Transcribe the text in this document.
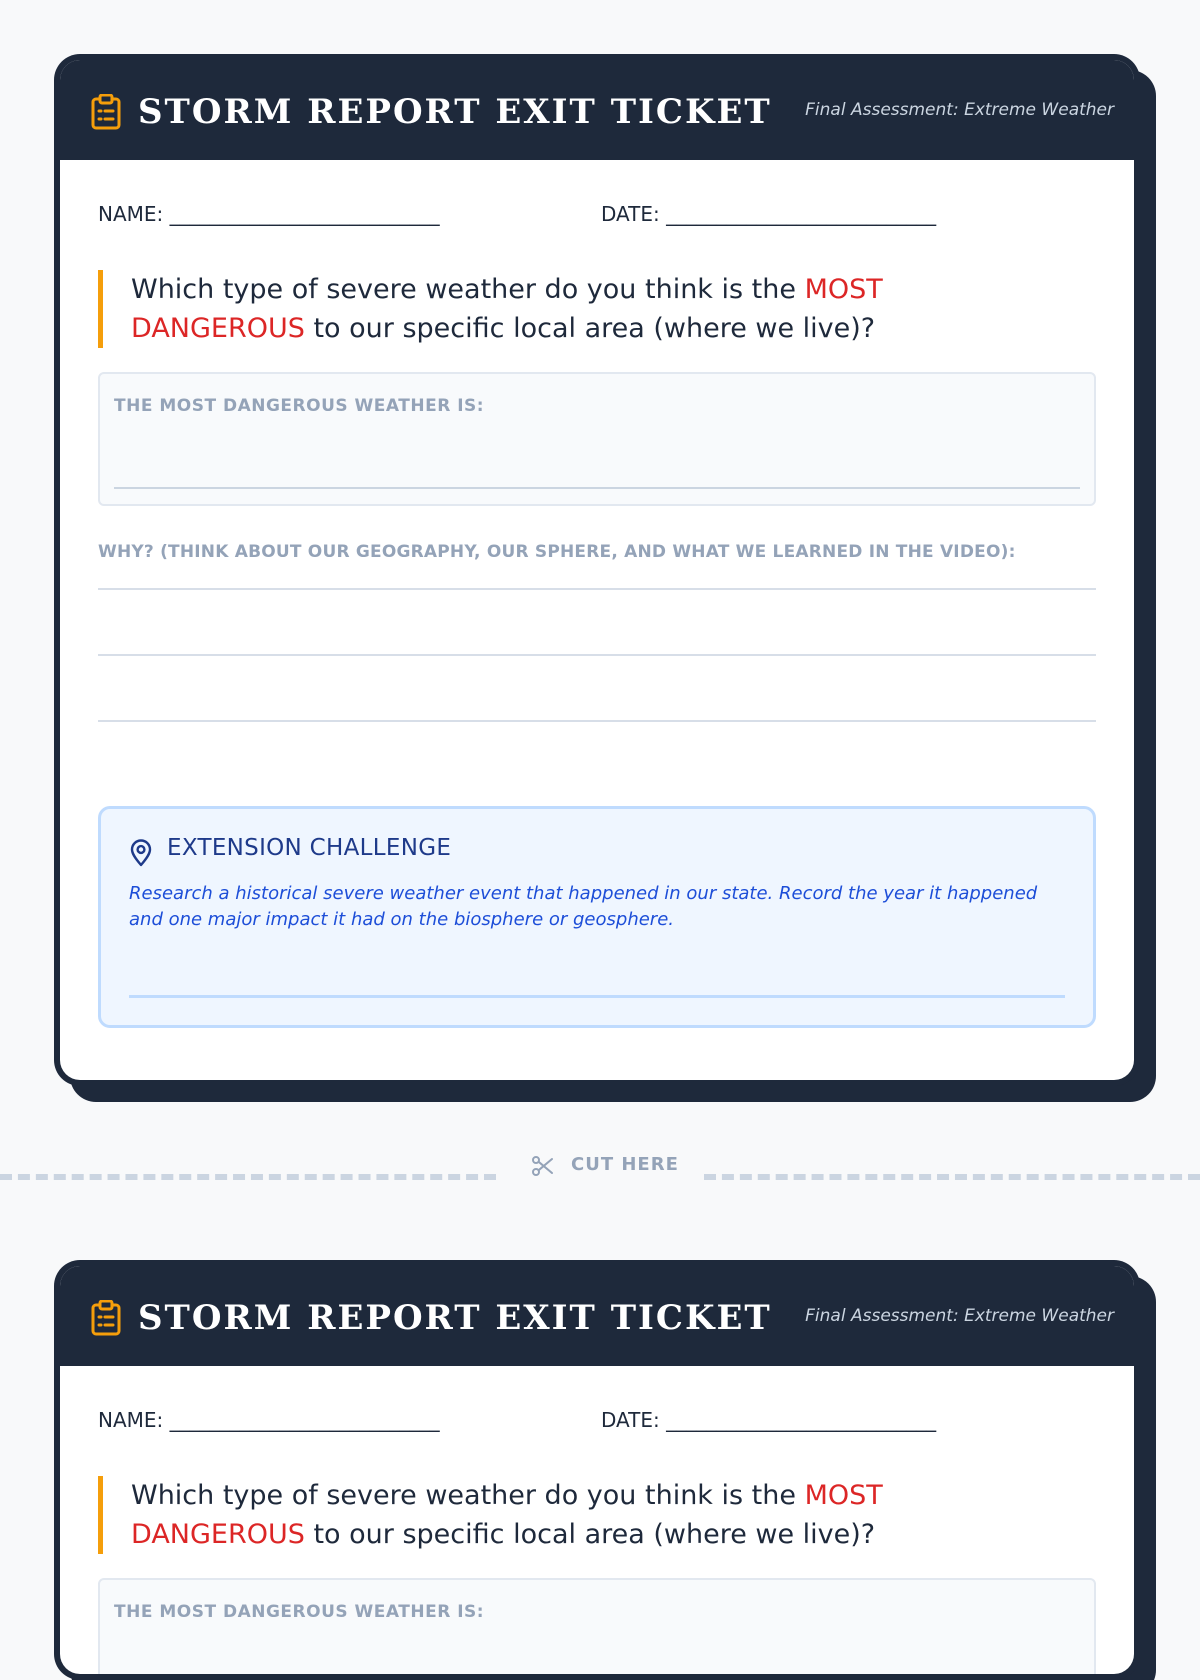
STORM REPORT EXIT TICKET Final Assessment: Extreme Weather
NAME: ___________________________	DATE: ___________________________
Which type of severe weather do you think is the MOST DANGEROUS to our specific local area (where we live)?
THE MOST DANGEROUS WEATHER IS:
WHY? (THINK ABOUT OUR GEOGRAPHY, OUR SPHERE, AND WHAT WE LEARNED IN THE VIDEO):
EXTENSION CHALLENGE
Research a historical severe weather event that happened in our state. Record the year it happened and one major impact it had on the biosphere or geosphere.
CUT HERE
STORM REPORT EXIT TICKET Final Assessment: Extreme Weather
NAME: ___________________________	DATE: ___________________________
Which type of severe weather do you think is the MOST DANGEROUS to our specific local area (where we live)?
THE MOST DANGEROUS WEATHER IS:
